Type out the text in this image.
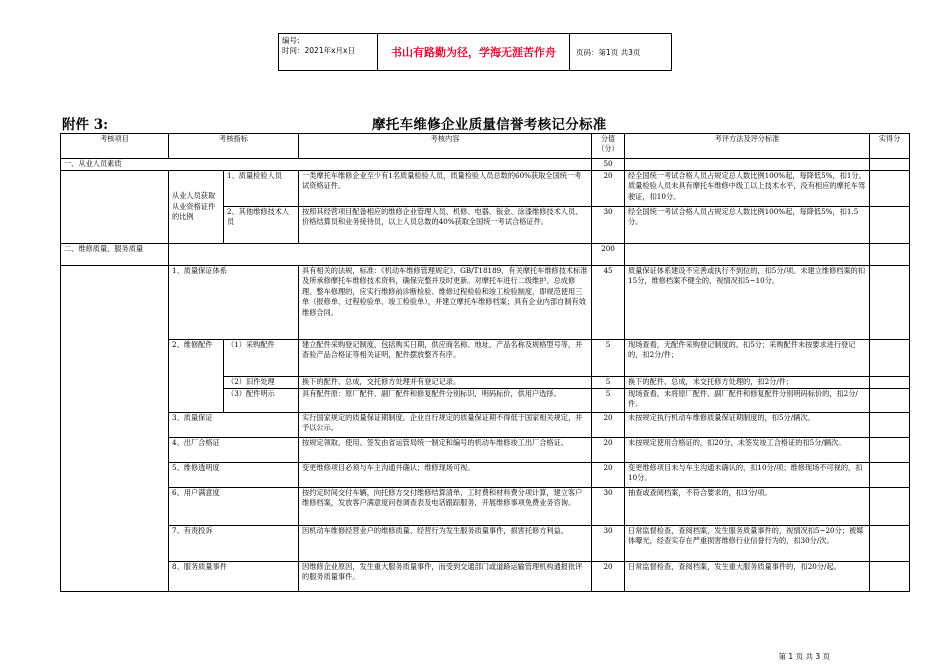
编号:
时间：2021年x月x日	书山有路勤为径，学海无涯苦作舟	页码：第1页 共3页
附件 3:	摩托车维修企业质量信誉考核记分标准
考核项目	考核指标		考核内容	分值（分）	考评方法及评分标准	实得分
一、从业人员素质				50		
	从业人员获取从业资格证件的比例	1、质量检验人员	一类摩托车维修企业至少有1名质量检验人员，质量检验人员总数的60%获取全国统一考试资格证件。	20	经全国统一考试合格人员占规定总人数比例100%起，每降低5%，扣1分。质量检验人员未具有摩托车维修中级工以上技术水平，没有相应的摩托车驾驶证，扣10分。	
		2、其他维修技术人员	按照其经营项目配备相应的维修企业管理人员、机修、电器、钣金、涂漆维修技术人员、价格结算员和业务接待员，以上人员总数的40%获取全国统一考试合格证件。	30	经全国统一考试合格人员占规定总人数比例100%起，每降低5%，扣1.5分。	
二、维修质量、服务质量				200		
	1、质量保证体系		具有相关的法规，标准：《机动车维修管理规定》、GB/T18189，有关摩托车维修技术标准及所承修摩托车维修技术资料，确保完整并及时更新。对摩托车进行二级维护、总成修理、整车修理的，应实行维修前诊断检验、维修过程检验和竣工检验制度，即规范使用三单（报修单、过程检验单、竣工检验单），并建立摩托车维修档案；具有企业内部自制有效维修合同。	45	质量保证体系建设不完善或执行不到位的，扣5分/项。未建立维修档案的扣15分，维修档案不健全的，视情况扣5~10分。	
	2、维修配件	（1）采购配件	建立配件采购登记制度，包括购买日期，供应商名称、地址、产品名称及规格型号等，并查验产品合格证等相关证明，配件摆放整齐有序。	5	现场查看，无配件采购登记制度的，扣5分；采购配件未按要求进行登记的，扣2分/件；	
		（2）旧件处理	换下的配件、总成，交托修方处理并有登记记录。	5	换下的配件、总成，未交托修方处理的，扣2分/件；	
		（3）配件明示	具有配件原：原厂配件、副厂配件和修复配件分别标识，明码标价，供用户选择。	5	现场查看，未将原厂配件、副厂配件和修复配件分别明码标价的，扣2分/件。	
	3、质量保证		实行国家规定的质量保证期制度。企业自行规定的质量保证期不得低于国家相关规定，并予以公示。	20	未按规定执行机动车维修质量保证期制度的，扣5分/辆次。	
	4、出厂合格证		按规定领取、使用、签发由省运管局统一制定和编号的机动车维修竣工出厂合格证。	20	未按规定使用合格证的，扣20分，未签发竣工合格证的扣5分/辆次。	
	5、维修透明度		变更维修项目必须与车主沟通并确认；维修现场可视。	20	变更维修项目未与车主沟通未确认的，扣10分/项；维修现场不可视的，扣10分。	
	6、用户满意度		按约定时间交付车辆，向托修方交付维修结算清单，工时费和材料费分项计算，建立客户维修档案，发放客户满意度问卷调查表及电话跟踪服务，开展维修事项免费业务咨询。	30	抽查或查阅档案，不符合要求的，扣3分/项。	
	7、有责投诉		因机动车维修经营业户的维修质量、经营行为发生服务质量事件，损害托修方利益。	30	日常监督检查，查阅档案，发生服务质量事件的，视情况扣5~20分；被媒体曝光，经查实存在严重损害维修行业信誉行为的，扣30分/次。	
	8、服务质量事件		因维修企业原因，发生重大服务质量事件，而受到交通部门或道路运输管理机构通报批评的服务质量事件。	20	日常监督检查，查阅档案，发生重大服务质量事件的，扣20分/起。	
第 1 页 共 3 页
